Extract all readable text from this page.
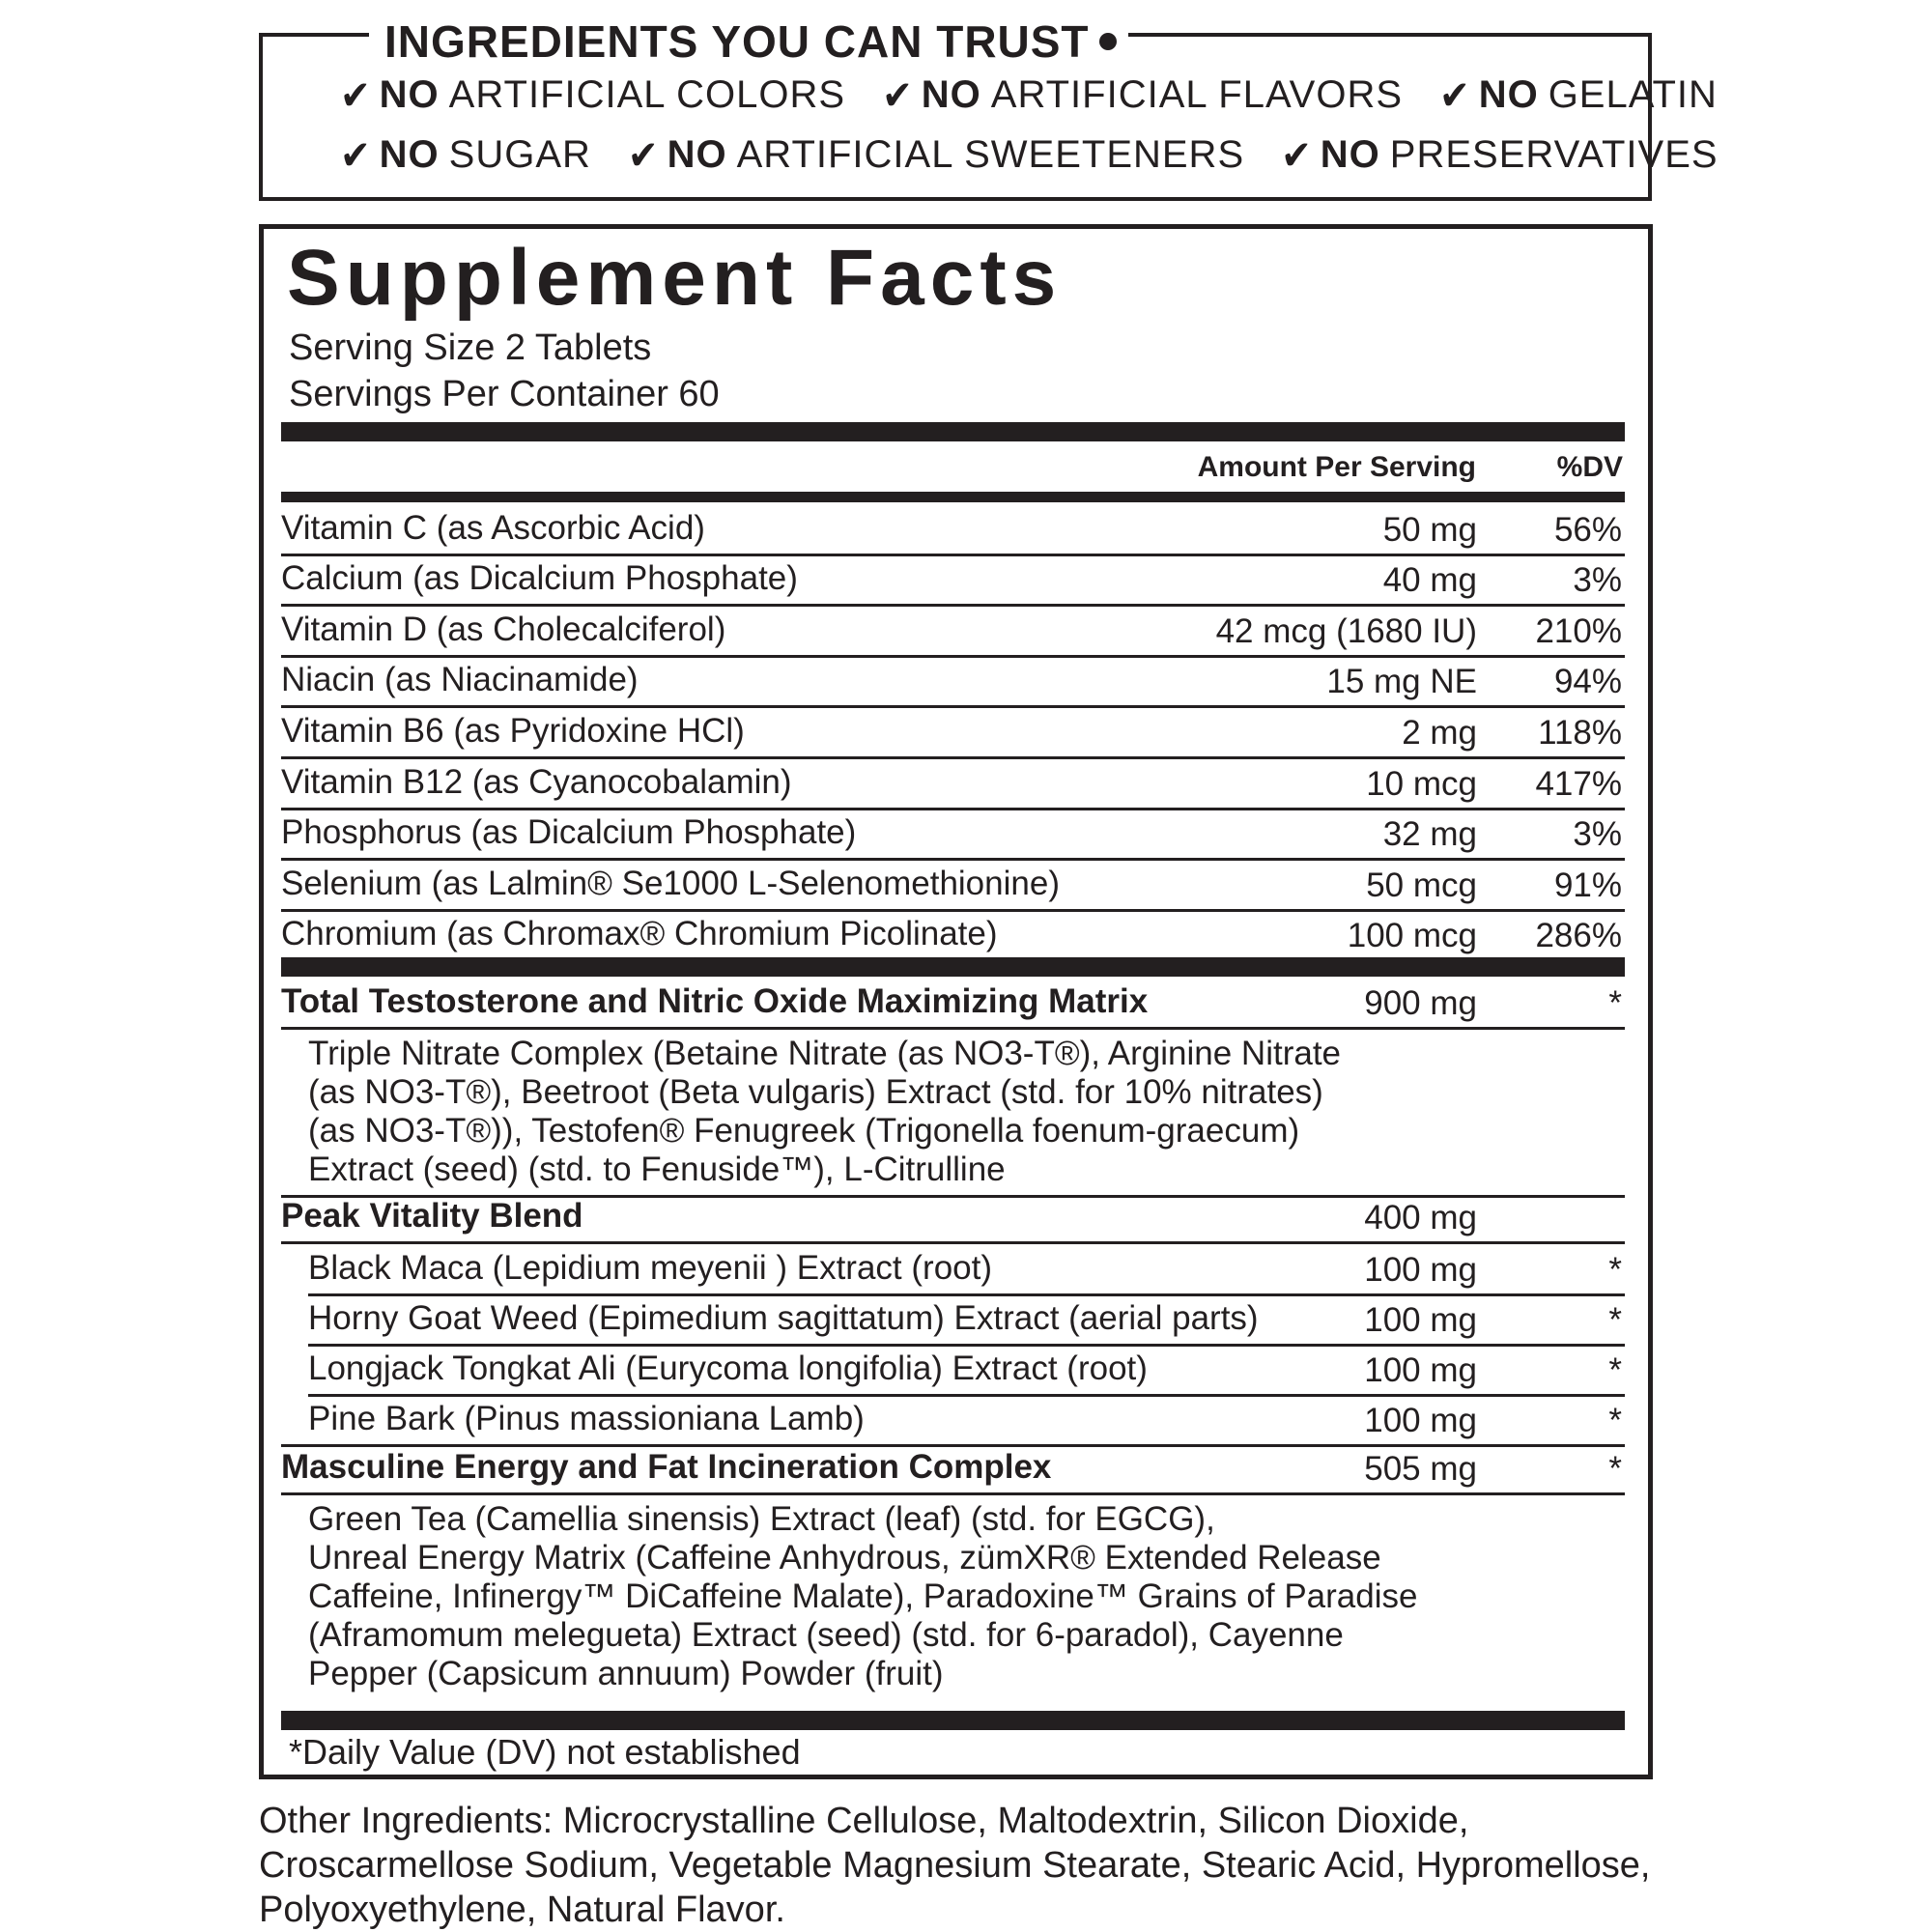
INGREDIENTS YOU CAN TRUST
✔ NO ARTIFICIAL COLORS ✔ NO ARTIFICIAL FLAVORS ✔ NO GELATIN
✔ NO SUGAR ✔ NO ARTIFICIAL SWEETENERS ✔ NO PRESERVATIVES
Supplement Facts
Serving Size 2 Tablets
Servings Per Container 60
Amount Per Serving	%DV
Vitamin C (as Ascorbic Acid)	50 mg 56%
Calcium (as Dicalcium Phosphate)	40 mg	3%
Vitamin D (as Cholecalciferol)	42 mcg (1680 IU) 210%
Niacin (as Niacinamide)	15 mg NE 94%
Vitamin B6 (as Pyridoxine HCl)	2 mg 118%
Vitamin B12 (as Cyanocobalamin)	10 mcg 417%
Phosphorus (as Dicalcium Phosphate)	32 mg	3%
Selenium (as Lalmin® Se1000 L-Selenomethionine)	50 mcg 91%
Chromium (as Chromax® Chromium Picolinate)	100 mcg 286%
Total Testosterone and Nitric Oxide Maximizing Matrix	900 mg	*
Triple Nitrate Complex (Betaine Nitrate (as NO3-T®), Arginine Nitrate
(as NO3-T®), Beetroot (Beta vulgaris) Extract (std. for 10% nitrates)
(as NO3-T®)), Testofen® Fenugreek (Trigonella foenum-graecum)
Extract (seed) (std. to Fenuside™), L-Citrulline
Peak Vitality Blend	400 mg
Black Maca (Lepidium meyenii ) Extract (root)	100 mg	*
Horny Goat Weed (Epimedium sagittatum) Extract (aerial parts)	100 mg	*
Longjack Tongkat Ali (Eurycoma longifolia) Extract (root)	100 mg	*
Pine Bark (Pinus massioniana Lamb)	100 mg	*
Masculine Energy and Fat Incineration Complex	505 mg	*
Green Tea (Camellia sinensis) Extract (leaf) (std. for EGCG),
Unreal Energy Matrix (Caffeine Anhydrous, zümXR® Extended Release
Caffeine, Infinergy™ DiCaffeine Malate), Paradoxine™ Grains of Paradise
(Aframomum melegueta) Extract (seed) (std. for 6-paradol), Cayenne
Pepper (Capsicum annuum) Powder (fruit)
*Daily Value (DV) not established
Other Ingredients: Microcrystalline Cellulose, Maltodextrin, Silicon Dioxide, Croscarmellose Sodium, Vegetable Magnesium Stearate, Stearic Acid, Hypromellose, Polyoxyethylene, Natural Flavor.
